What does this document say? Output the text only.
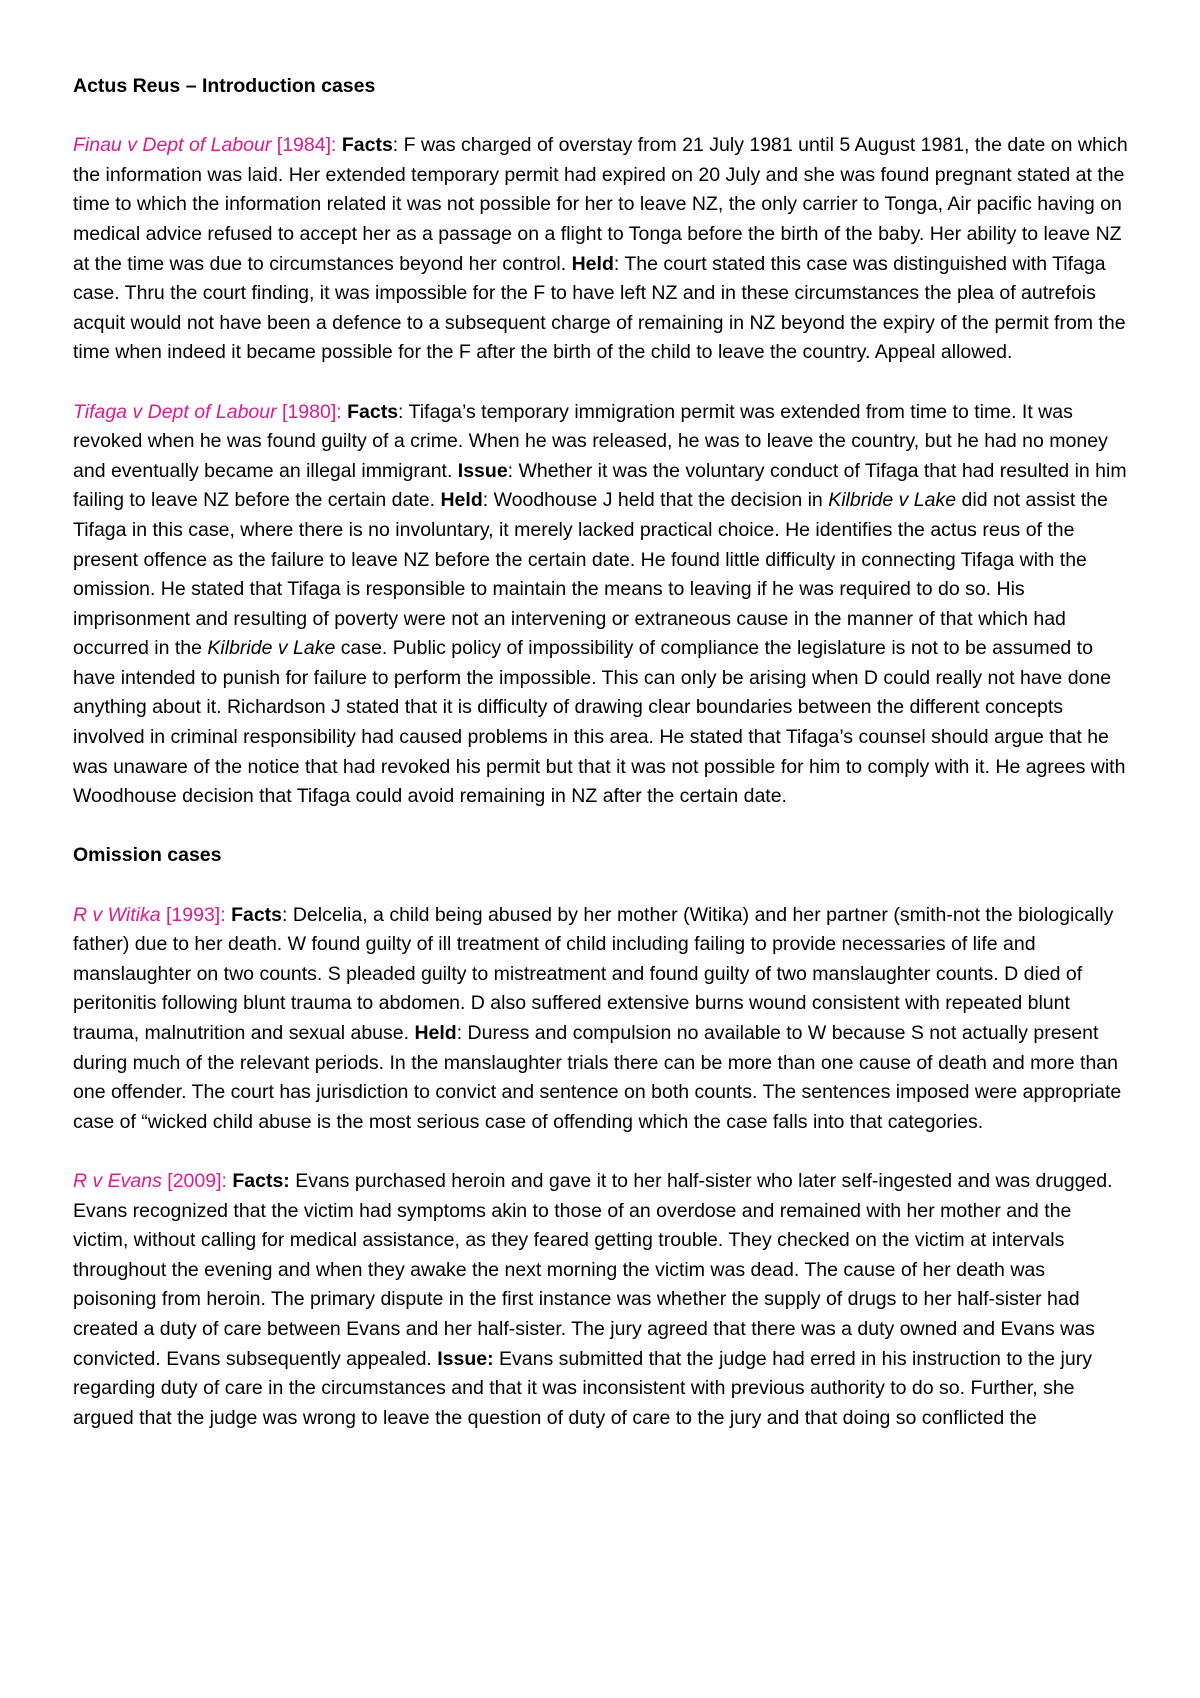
Actus Reus – Introduction cases

Finau v Dept of Labour [1984]: Facts: F was charged of overstay from 21 July 1981 until 5 August 1981, the date on which the information was laid. Her extended temporary permit had expired on 20 July and she was found pregnant stated at the time to which the information related it was not possible for her to leave NZ, the only carrier to Tonga, Air pacific having on medical advice refused to accept her as a passage on a flight to Tonga before the birth of the baby. Her ability to leave NZ at the time was due to circumstances beyond her control. Held: The court stated this case was distinguished with Tifaga case. Thru the court finding, it was impossible for the F to have left NZ and in these circumstances the plea of autrefois acquit would not have been a defence to a subsequent charge of remaining in NZ beyond the expiry of the permit from the time when indeed it became possible for the F after the birth of the child to leave the country. Appeal allowed.

Tifaga v Dept of Labour [1980]: Facts: Tifaga’s temporary immigration permit was extended from time to time. It was revoked when he was found guilty of a crime. When he was released, he was to leave the country, but he had no money and eventually became an illegal immigrant. Issue: Whether it was the voluntary conduct of Tifaga that had resulted in him failing to leave NZ before the certain date. Held: Woodhouse J held that the decision in Kilbride v Lake did not assist the Tifaga in this case, where there is no involuntary, it merely lacked practical choice. He identifies the actus reus of the present offence as the failure to leave NZ before the certain date. He found little difficulty in connecting Tifaga with the omission. He stated that Tifaga is responsible to maintain the means to leaving if he was required to do so. His imprisonment and resulting of poverty were not an intervening or extraneous cause in the manner of that which had occurred in the Kilbride v Lake case. Public policy of impossibility of compliance the legislature is not to be assumed to have intended to punish for failure to perform the impossible. This can only be arising when D could really not have done anything about it. Richardson J stated that it is difficulty of drawing clear boundaries between the different concepts involved in criminal responsibility had caused problems in this area. He stated that Tifaga’s counsel should argue that he was unaware of the notice that had revoked his permit but that it was not possible for him to comply with it. He agrees with Woodhouse decision that Tifaga could avoid remaining in NZ after the certain date.

Omission cases

R v Witika [1993]: Facts: Delcelia, a child being abused by her mother (Witika) and her partner (smith-not the biologically father) due to her death. W found guilty of ill treatment of child including failing to provide necessaries of life and manslaughter on two counts. S pleaded guilty to mistreatment and found guilty of two manslaughter counts. D died of peritonitis following blunt trauma to abdomen. D also suffered extensive burns wound consistent with repeated blunt trauma, malnutrition and sexual abuse. Held: Duress and compulsion no available to W because S not actually present during much of the relevant periods. In the manslaughter trials there can be more than one cause of death and more than one offender. The court has jurisdiction to convict and sentence on both counts. The sentences imposed were appropriate case of “wicked child abuse is the most serious case of offending which the case falls into that categories.

R v Evans [2009]: Facts: Evans purchased heroin and gave it to her half-sister who later self-ingested and was drugged. Evans recognized that the victim had symptoms akin to those of an overdose and remained with her mother and the victim, without calling for medical assistance, as they feared getting trouble. They checked on the victim at intervals throughout the evening and when they awake the next morning the victim was dead. The cause of her death was poisoning from heroin. The primary dispute in the first instance was whether the supply of drugs to her half-sister had created a duty of care between Evans and her half-sister. The jury agreed that there was a duty owned and Evans was convicted. Evans subsequently appealed. Issue: Evans submitted that the judge had erred in his instruction to the jury regarding duty of care in the circumstances and that it was inconsistent with previous authority to do so. Further, she argued that the judge was wrong to leave the question of duty of care to the jury and that doing so conflicted the
